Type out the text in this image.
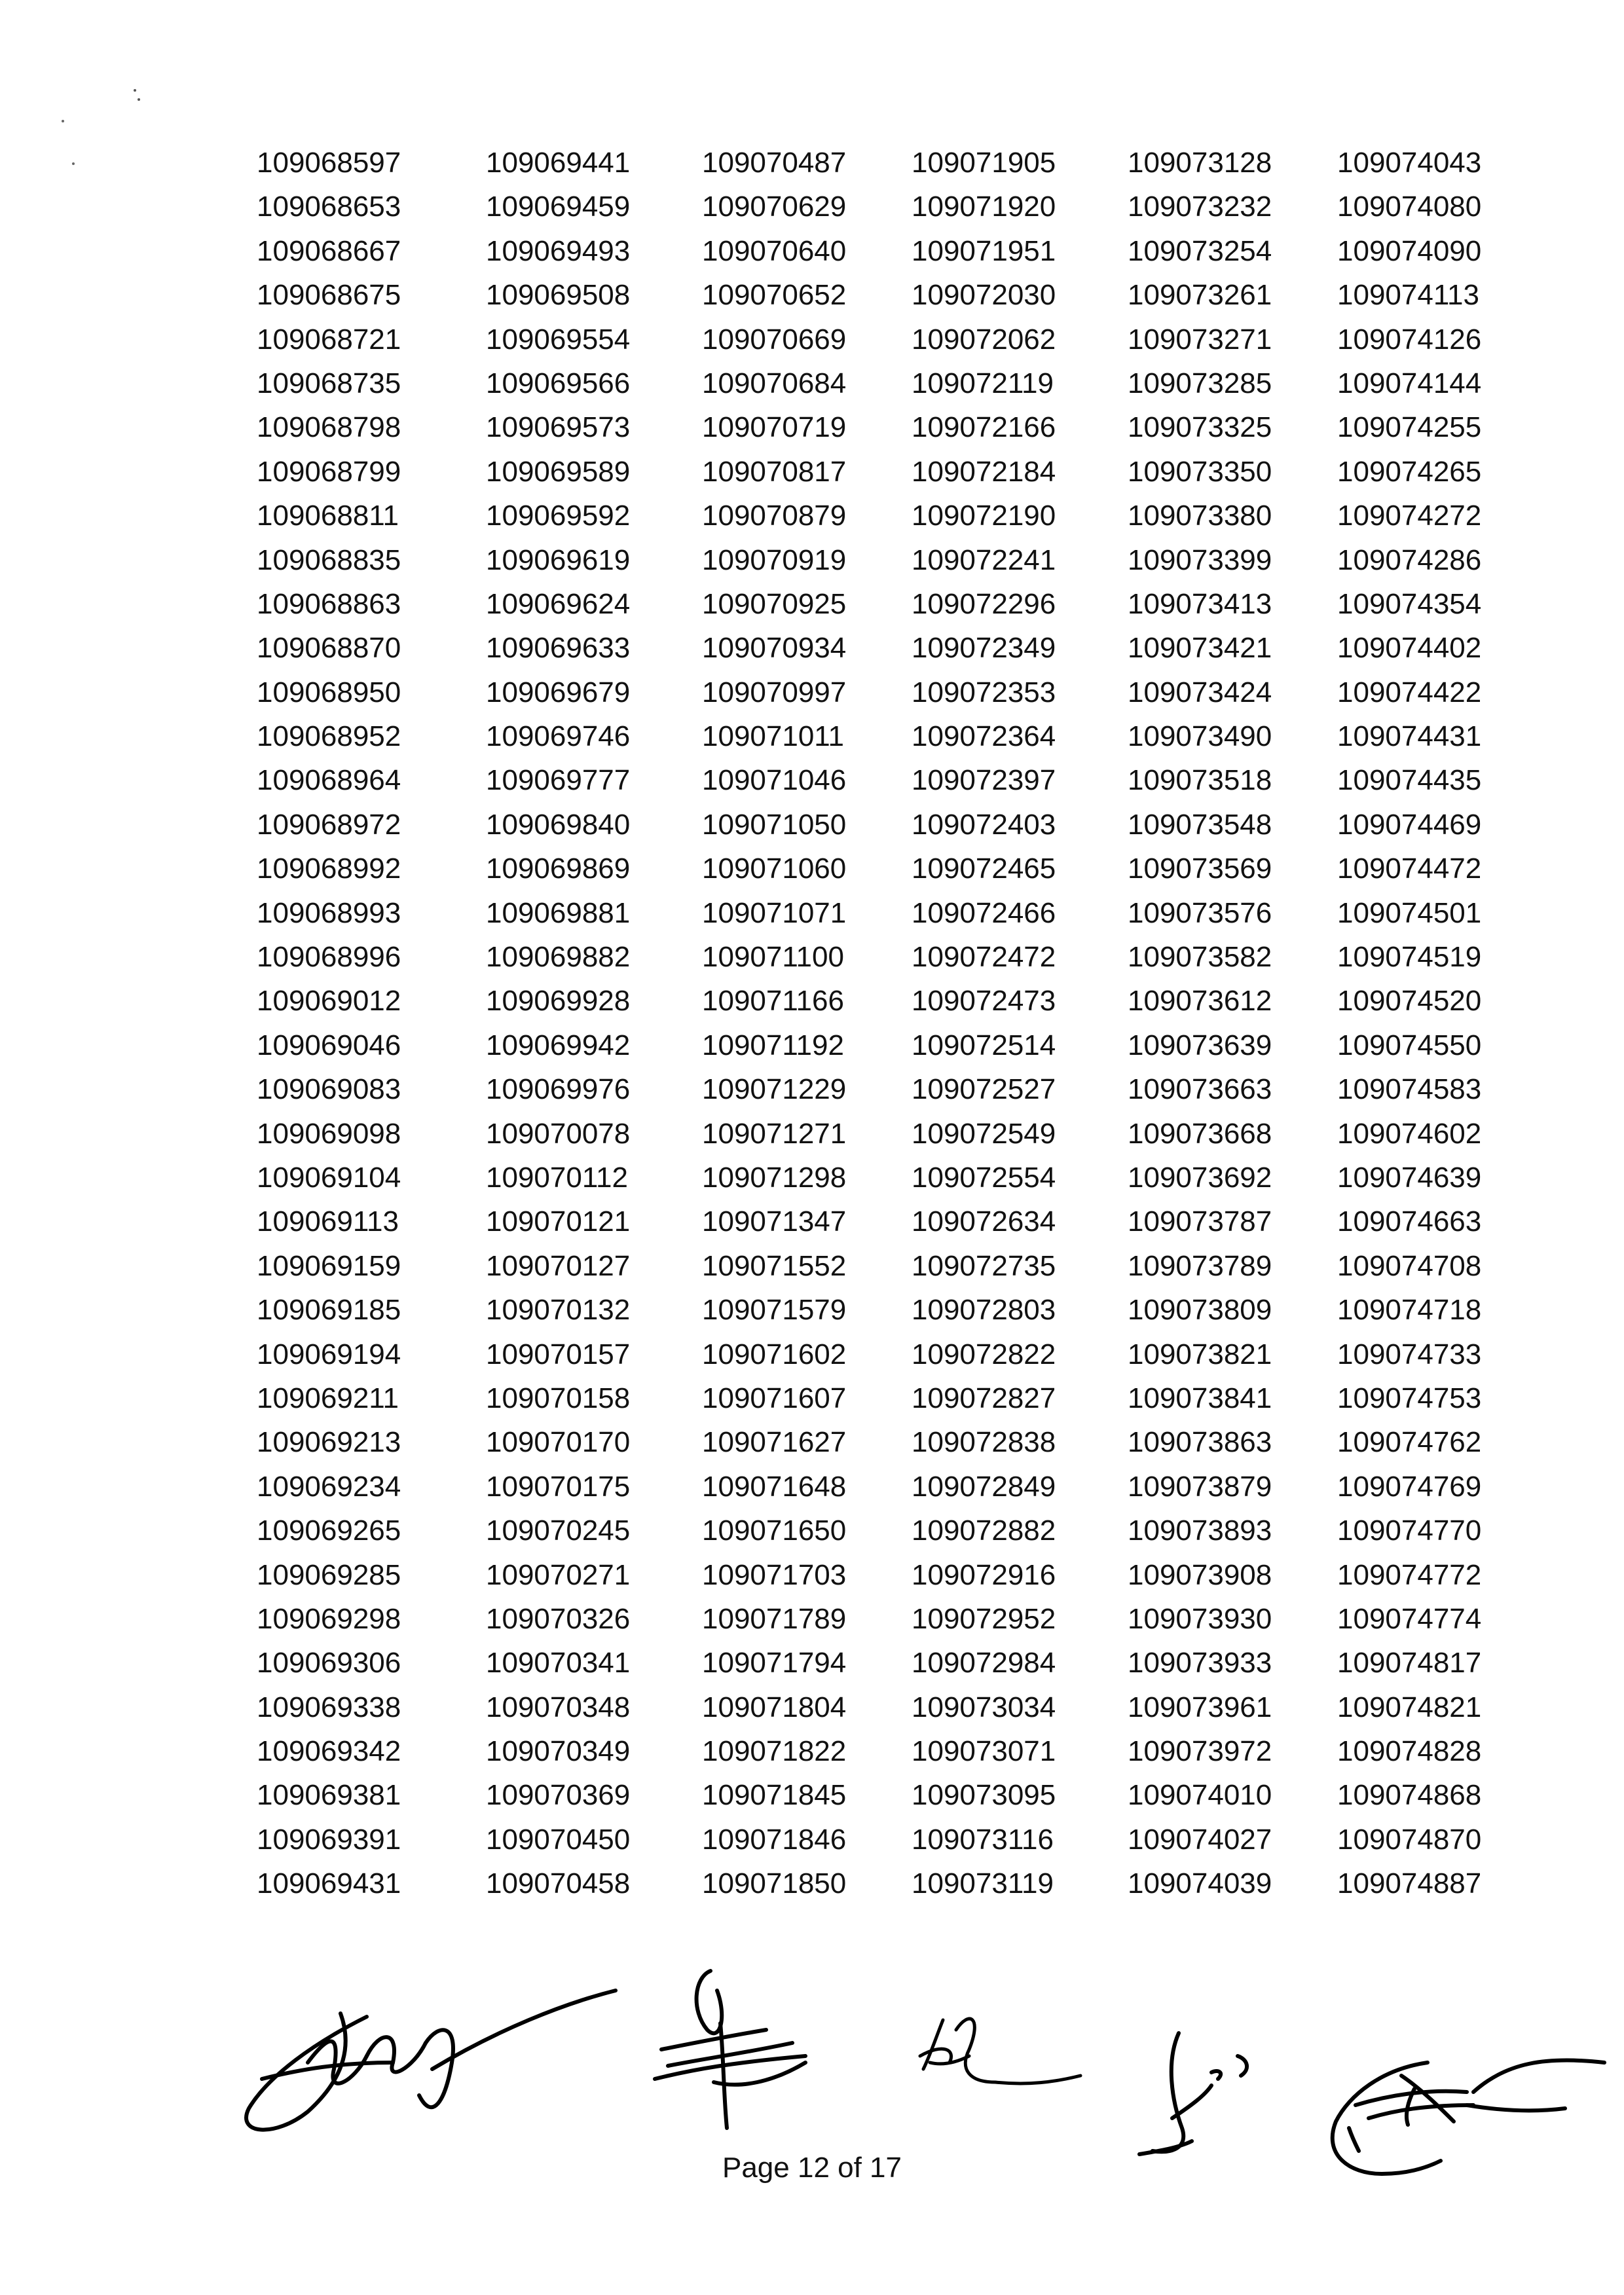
109068597
109068653
109068667
109068675
109068721
109068735
109068798
109068799
109068811
109068835
109068863
109068870
109068950
109068952
109068964
109068972
109068992
109068993
109068996
109069012
109069046
109069083
109069098
109069104
109069113
109069159
109069185
109069194
109069211
109069213
109069234
109069265
109069285
109069298
109069306
109069338
109069342
109069381
109069391
109069431
109069441
109069459
109069493
109069508
109069554
109069566
109069573
109069589
109069592
109069619
109069624
109069633
109069679
109069746
109069777
109069840
109069869
109069881
109069882
109069928
109069942
109069976
109070078
109070112
109070121
109070127
109070132
109070157
109070158
109070170
109070175
109070245
109070271
109070326
109070341
109070348
109070349
109070369
109070450
109070458
109070487
109070629
109070640
109070652
109070669
109070684
109070719
109070817
109070879
109070919
109070925
109070934
109070997
109071011
109071046
109071050
109071060
109071071
109071100
109071166
109071192
109071229
109071271
109071298
109071347
109071552
109071579
109071602
109071607
109071627
109071648
109071650
109071703
109071789
109071794
109071804
109071822
109071845
109071846
109071850
109071905
109071920
109071951
109072030
109072062
109072119
109072166
109072184
109072190
109072241
109072296
109072349
109072353
109072364
109072397
109072403
109072465
109072466
109072472
109072473
109072514
109072527
109072549
109072554
109072634
109072735
109072803
109072822
109072827
109072838
109072849
109072882
109072916
109072952
109072984
109073034
109073071
109073095
109073116
109073119
109073128
109073232
109073254
109073261
109073271
109073285
109073325
109073350
109073380
109073399
109073413
109073421
109073424
109073490
109073518
109073548
109073569
109073576
109073582
109073612
109073639
109073663
109073668
109073692
109073787
109073789
109073809
109073821
109073841
109073863
109073879
109073893
109073908
109073930
109073933
109073961
109073972
109074010
109074027
109074039
109074043
109074080
109074090
109074113
109074126
109074144
109074255
109074265
109074272
109074286
109074354
109074402
109074422
109074431
109074435
109074469
109074472
109074501
109074519
109074520
109074550
109074583
109074602
109074639
109074663
109074708
109074718
109074733
109074753
109074762
109074769
109074770
109074772
109074774
109074817
109074821
109074828
109074868
109074870
109074887
Page 12 of 17
